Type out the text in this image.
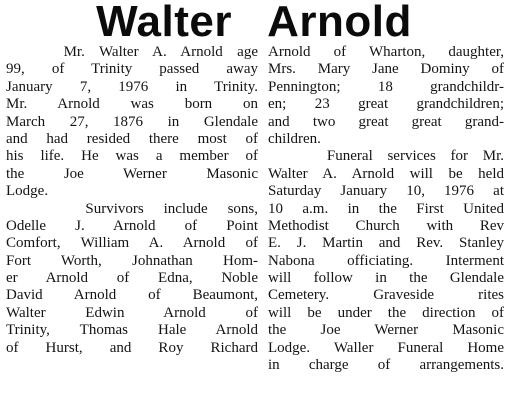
Walter Arnold
Mr. Walter A. Arnold age
99, of Trinity passed away
January 7, 1976 in Trinity.
Mr. Arnold was born on
March 27, 1876 in Glendale
and had resided there most of
his life. He was a member of
the Joe Werner Masonic
Lodge.
Survivors include sons,
Odelle J. Arnold of Point
Comfort, William A. Arnold of
Fort Worth, Johnathan Hom-
er Arnold of Edna, Noble
David Arnold of Beaumont,
Walter Edwin Arnold of
Trinity, Thomas Hale Arnold
of Hurst, and Roy Richard
Arnold of Wharton, daughter,
Mrs. Mary Jane Dominy of
Pennington; 18 grandchildr-
en; 23 great grandchildren;
and two great great grand-
children.
Funeral services for Mr.
Walter A. Arnold will be held
Saturday January 10, 1976 at
10 a.m. in the First United
Methodist Church with Rev
E. J. Martin and Rev. Stanley
Nabona officiating. Interment
will follow in the Glendale
Cemetery. Graveside rites
will be under the direction of
the Joe Werner Masonic
Lodge. Waller Funeral Home
in charge of arrangements.
